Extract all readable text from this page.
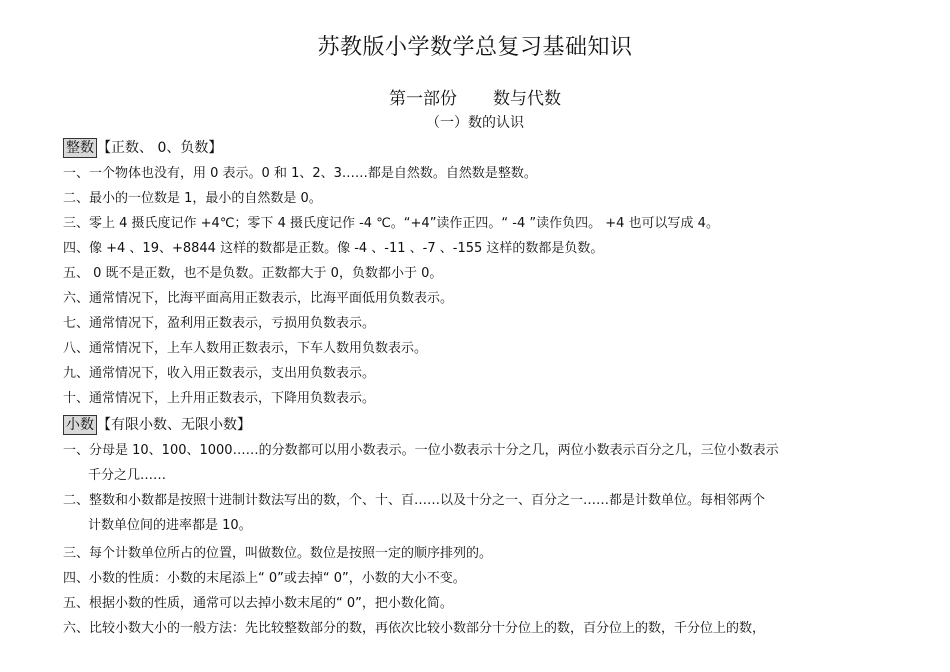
苏教版小学数学总复习基础知识
第一部份 数与代数
（一）数的认识
整数 【正数、 0、负数】
一、一个物体也没有，用 0 表示。0 和 1、2、3……都是自然数。自然数是整数。
二、最小的一位数是 1，最小的自然数是 0。
三、零上 4 摄氏度记作 +4℃；零下 4 摄氏度记作 -4 ℃。“+4”读作正四。“ -4 ”读作负四。 +4 也可以写成 4。
四、像 +4 、19、+8844 这样的数都是正数。像 -4 、-11 、-7 、-155 这样的数都是负数。
五、 0 既不是正数，也不是负数。正数都大于 0，负数都小于 0。
六、通常情况下，比海平面高用正数表示，比海平面低用负数表示。
七、通常情况下，盈利用正数表示，亏损用负数表示。
八、通常情况下，上车人数用正数表示，下车人数用负数表示。
九、通常情况下，收入用正数表示，支出用负数表示。
十、通常情况下，上升用正数表示，下降用负数表示。
小数 【有限小数、无限小数】
一、分母是 10、100、1000……的分数都可以用小数表示。一位小数表示十分之几，两位小数表示百分之几，三位小数表示
千分之几……
二、整数和小数都是按照十进制计数法写出的数，个、十、百……以及十分之一、百分之一……都是计数单位。每相邻两个
计数单位间的进率都是 10。
三、每个计数单位所占的位置，叫做数位。数位是按照一定的顺序排列的。
四、小数的性质：小数的末尾添上“ 0”或去掉“ 0”，小数的大小不变。
五、根据小数的性质，通常可以去掉小数末尾的“ 0”，把小数化简。
六、比较小数大小的一般方法：先比较整数部分的数，再依次比较小数部分十分位上的数，百分位上的数，千分位上的数，
